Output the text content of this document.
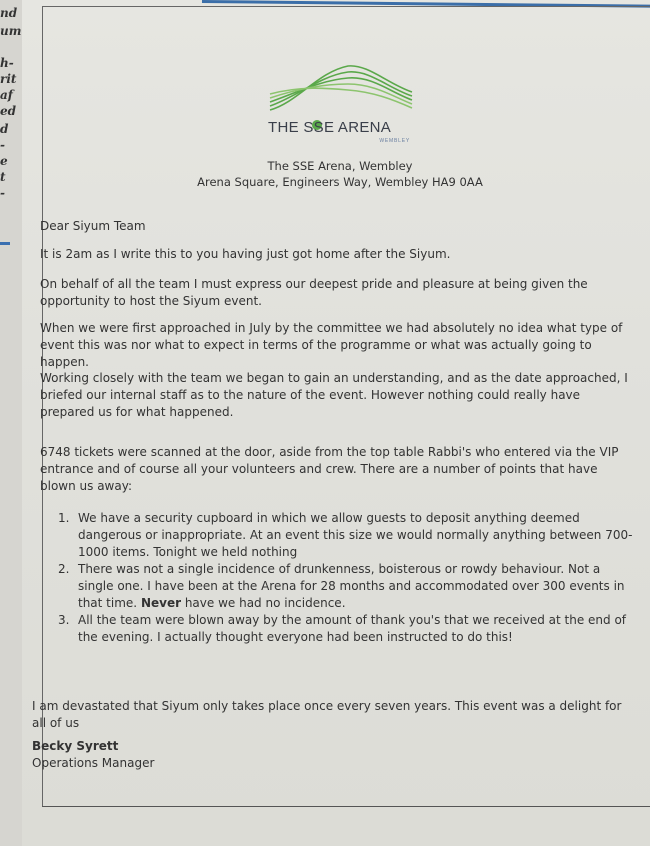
nd
um
h-
rit
af
ed
d
-
e
t
-
THE SSE ARENA
WEMBLEY
The SSE Arena, Wembley
Arena Square, Engineers Way, Wembley HA9 0AA

Dear Siyum Team

It is 2am as I write this to you having just got home after the Siyum.

On behalf of all the team I must express our deepest pride and pleasure at being given the opportunity to host the Siyum event.

When we were first approached in July by the committee we had absolutely no idea what type of event this was nor what to expect in terms of the programme or what was actually going to happen.

Working closely with the team we began to gain an understanding, and as the date approached, I briefed our internal staff as to the nature of the event. However nothing could really have prepared us for what happened.

6748 tickets were scanned at the door, aside from the top table Rabbi's who entered via the VIP entrance and of course all your volunteers and crew. There are a number of points that have blown us away:

1. We have a security cupboard in which we allow guests to deposit anything deemed dangerous or inappropriate. At an event this size we would normally anything between 700-1000 items. Tonight we held nothing
2. There was not a single incidence of drunkenness, boisterous or rowdy behaviour. Not a single one. I have been at the Arena for 28 months and accommodated over 300 events in that time. Never have we had no incidence.
3. All the team were blown away by the amount of thank you's that we received at the end of the evening. I actually thought everyone had been instructed to do this!

I am devastated that Siyum only takes place once every seven years. This event was a delight for all of us

Becky Syrett
Operations Manager
